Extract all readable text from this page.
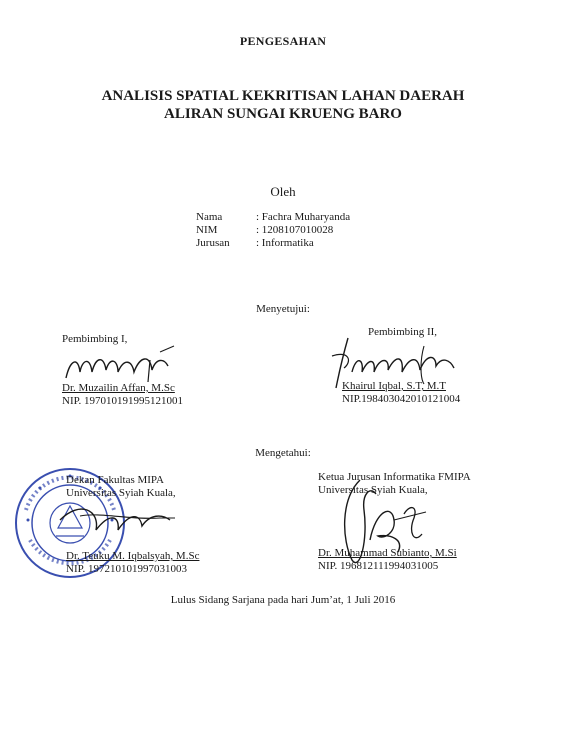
PENGESAHAN
ANALISIS SPATIAL KEKRITISAN LAHAN DAERAH
ALIRAN SUNGAI KRUENG BARO
Oleh
Nama	: Fachra Muharyanda
NIM	: 1208107010028
Jurusan : Informatika
Menyetujui:
Pembimbing I,
Dr. Muzailin Affan, M.Sc
NIP. 197010191995121001
Pembimbing II,
Khairul Iqbal, S.T, M.T
NIP.198403042010121004
Mengetahui:
Dekan Fakultas MIPA
Universitas Syiah Kuala,
Dr. Teuku M. Iqbalsyah, M.Sc
NIP. 197210101997031003
Ketua Jurusan Informatika FMIPA
Universitas Syiah Kuala,
Dr. Muhammad Subianto, M.Si
NIP. 196812111994031005
Lulus Sidang Sarjana pada hari Jum’at, 1 Juli 2016
